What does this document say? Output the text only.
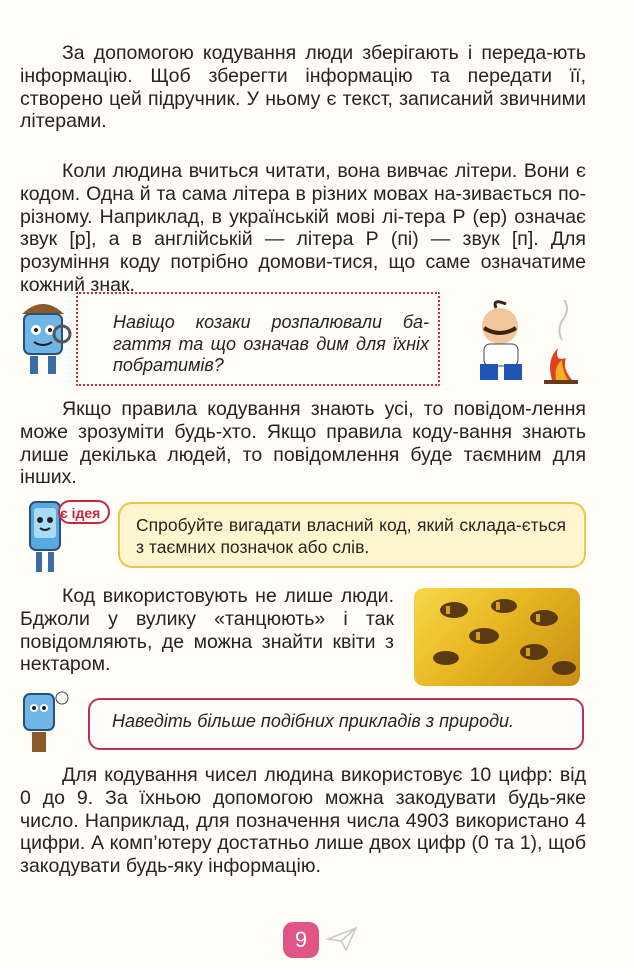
За допомогою кодування люди зберігають і переда-ють інформацію. Щоб зберегти інформацію та передати її, створено цей підручник. У ньому є текст, записаний звичними літерами.

Коли людина вчиться читати, вона вивчає літери. Вони є кодом. Одна й та сама літера в різних мовах на-зивається по-різному. Наприклад, в українській мові лі-тера Р (ер) означає звук [р], а в англійській — літера Р (пі) — звук [п]. Для розуміння коду потрібно домови-тися, що саме означатиме кожний знак.

Навіщо козаки розпалювали ба-гаття та що означав дим для їхніх побратимів?

Якщо правила кодування знають усі, то повідом-лення може зрозуміти будь-хто. Якщо правила коду-вання знають лише декілька людей, то повідомлення буде таємним для інших.

є ідея
Спробуйте вигадати власний код, який склада-ється з таємних позначок або слів.

Код використовують не лише люди. Бджоли у вулику «танцюють» і так повідомляють, де можна знайти квіти з нектаром.

Наведіть більше подібних прикладів з природи.

Для кодування чисел людина використовує 10 цифр: від 0 до 9. За їхньою допомогою можна закодувати будь-яке число. Наприклад, для позначення числа 4903 використано 4 цифри. А комп’ютеру достатньо лише двох цифр (0 та 1), щоб закодувати будь-яку інформацію.

9
